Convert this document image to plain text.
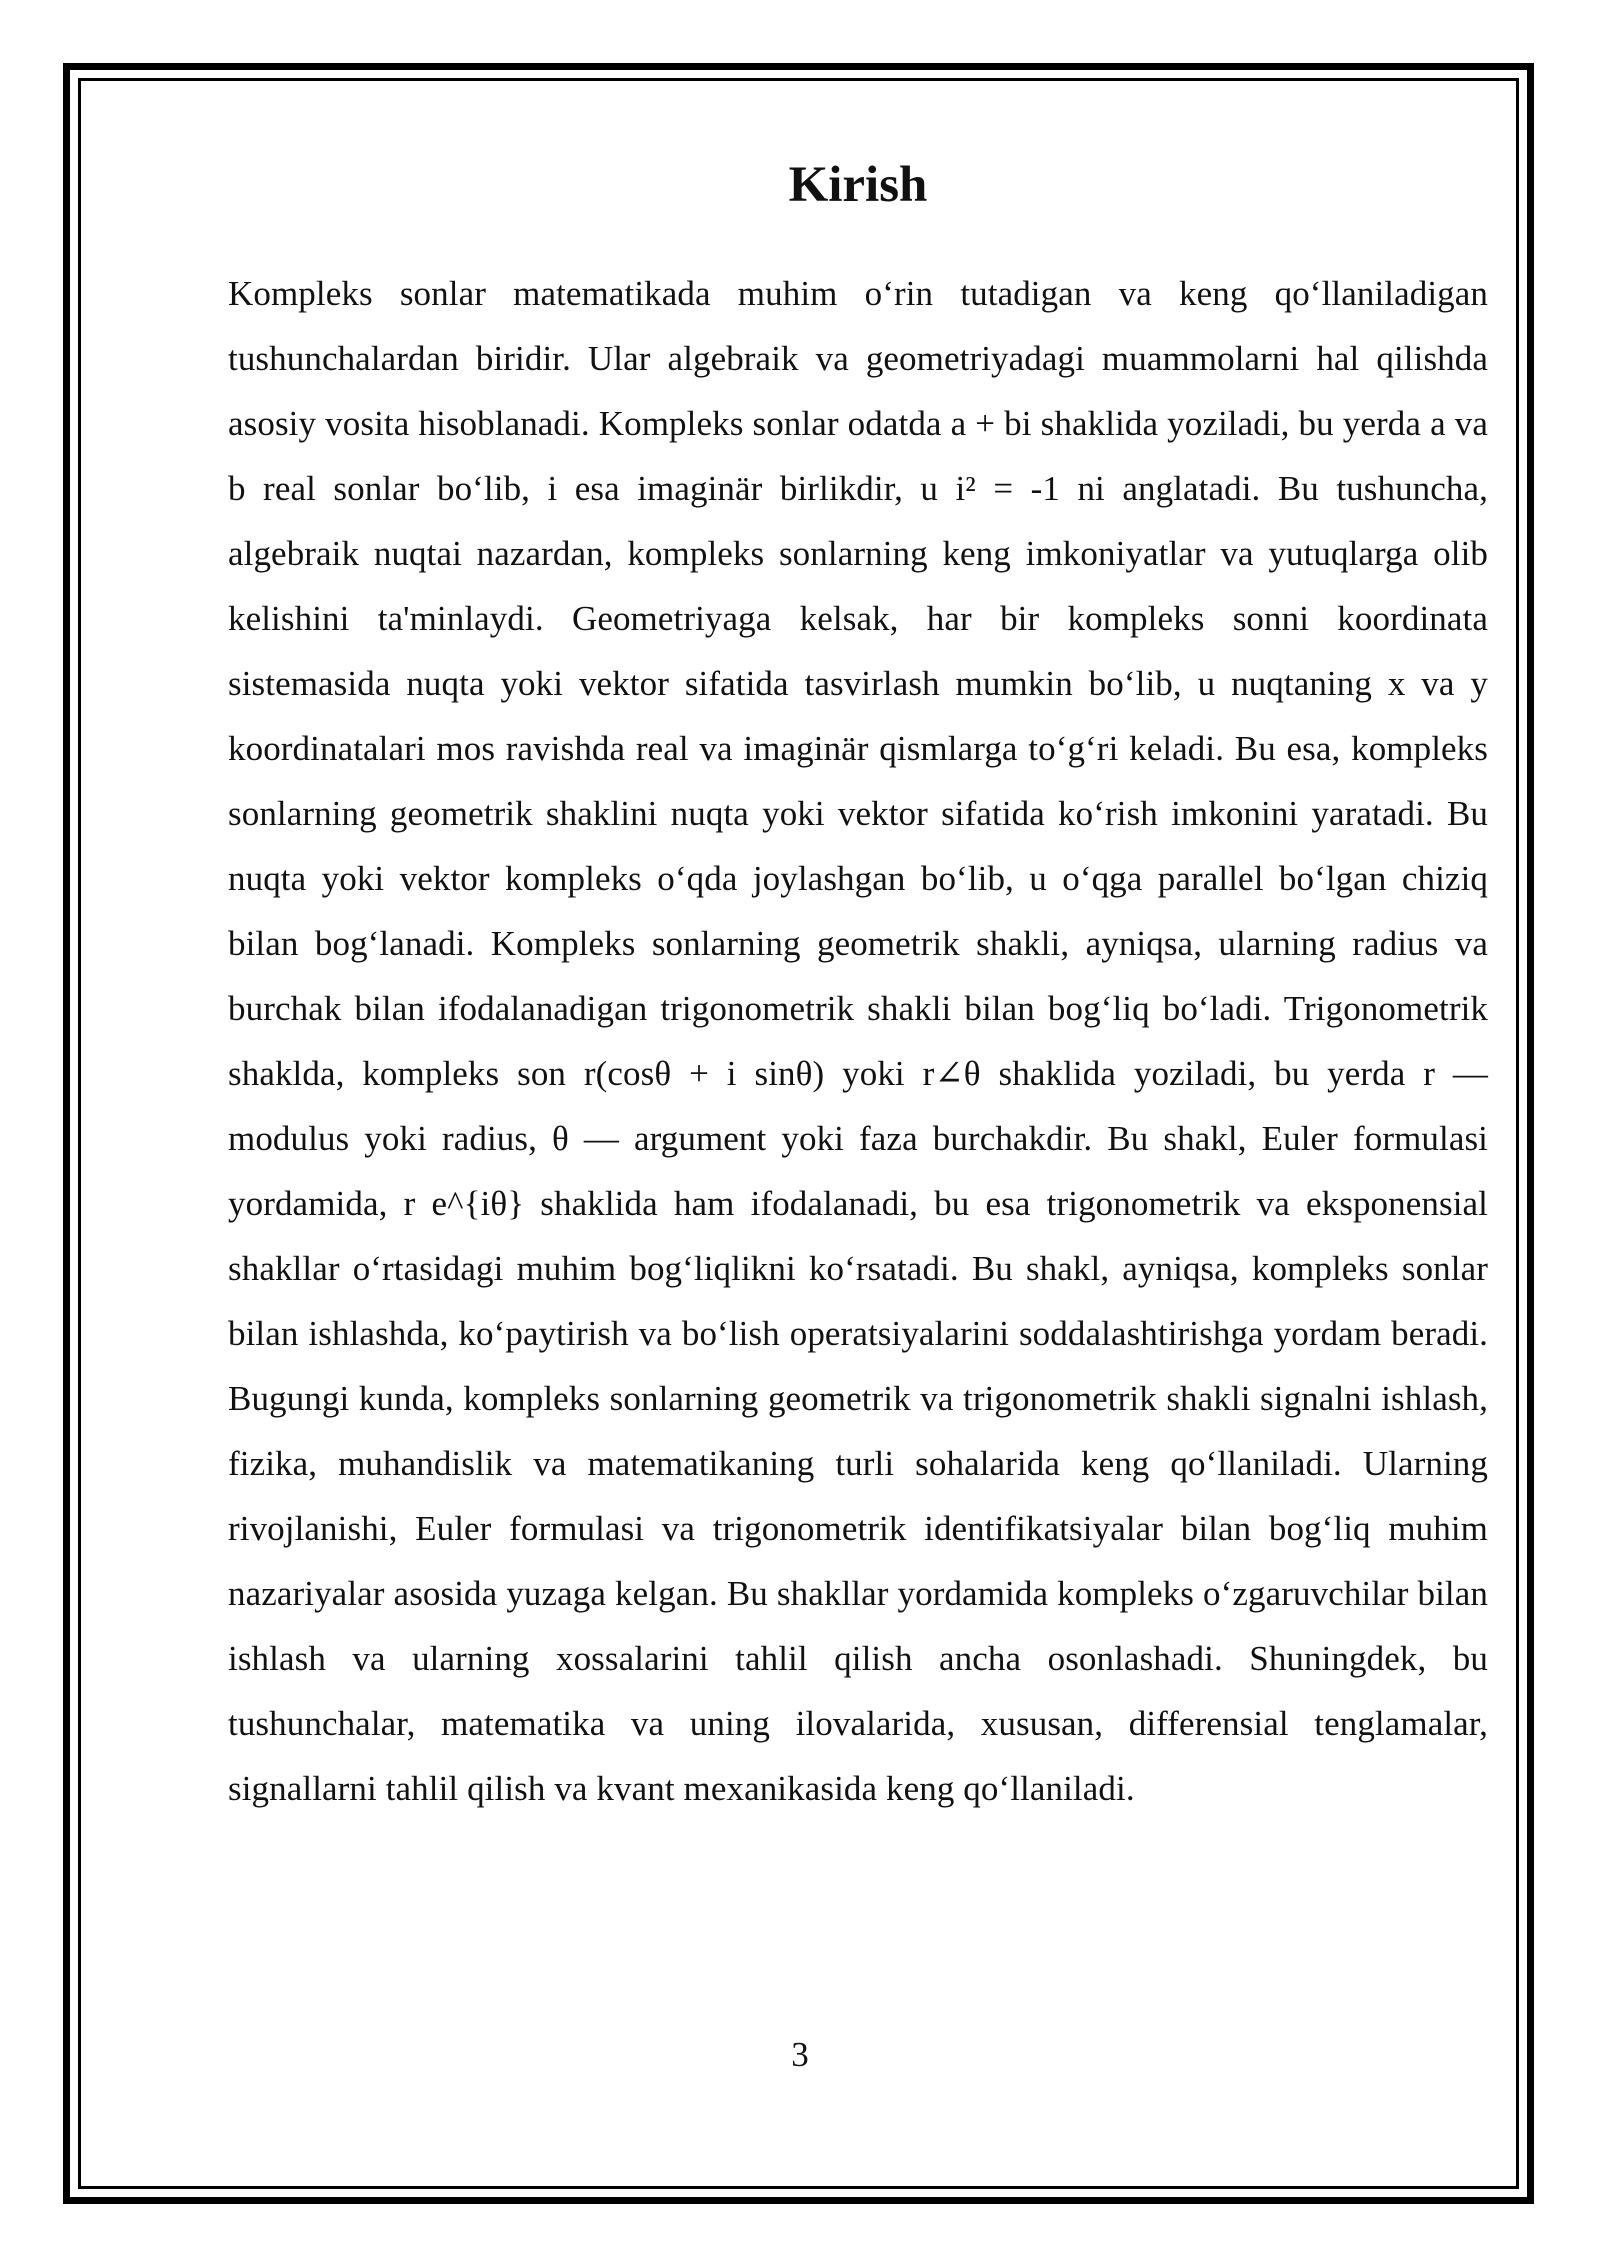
Kirish

Kompleks sonlar matematikada muhim o‘rin tutadigan va keng qo‘llaniladigan tushunchalardan biridir. Ular algebraik va geometriyadagi muammolarni hal qilishda asosiy vosita hisoblanadi. Kompleks sonlar odatda a + bi shaklida yoziladi, bu yerda a va b real sonlar bo‘lib, i esa imaginär birlikdir, u i² = -1 ni anglatadi. Bu tushuncha, algebraik nuqtai nazardan, kompleks sonlarning keng imkoniyatlar va yutuqlarga olib kelishini ta'minlaydi. Geometriyaga kelsak, har bir kompleks sonni koordinata sistemasida nuqta yoki vektor sifatida tasvirlash mumkin bo‘lib, u nuqtaning x va y koordinatalari mos ravishda real va imaginär qismlarga to‘g‘ri keladi. Bu esa, kompleks sonlarning geometrik shaklini nuqta yoki vektor sifatida ko‘rish imkonini yaratadi. Bu nuqta yoki vektor kompleks o‘qda joylashgan bo‘lib, u o‘qga parallel bo‘lgan chiziq bilan bog‘lanadi. Kompleks sonlarning geometrik shakli, ayniqsa, ularning radius va burchak bilan ifodalanadigan trigonometrik shakli bilan bog‘liq bo‘ladi. Trigonometrik shaklda, kompleks son r(cosθ + i sinθ) yoki r∠θ shaklida yoziladi, bu yerda r — modulus yoki radius, θ — argument yoki faza burchakdir. Bu shakl, Euler formulasi yordamida, r e^{iθ} shaklida ham ifodalanadi, bu esa trigonometrik va eksponensial shakllar o‘rtasidagi muhim bog‘liqlikni ko‘rsatadi. Bu shakl, ayniqsa, kompleks sonlar bilan ishlashda, ko‘paytirish va bo‘lish operatsiyalarini soddalashtirishga yordam beradi. Bugungi kunda, kompleks sonlarning geometrik va trigonometrik shakli signalni ishlash, fizika, muhandislik va matematikaning turli sohalarida keng qo‘llaniladi. Ularning rivojlanishi, Euler formulasi va trigonometrik identifikatsiyalar bilan bog‘liq muhim nazariyalar asosida yuzaga kelgan. Bu shakllar yordamida kompleks o‘zgaruvchilar bilan ishlash va ularning xossalarini tahlil qilish ancha osonlashadi. Shuningdek, bu tushunchalar, matematika va uning ilovalarida, xususan, differensial tenglamalar, signallarni tahlil qilish va kvant mexanikasida keng qo‘llaniladi.

3
